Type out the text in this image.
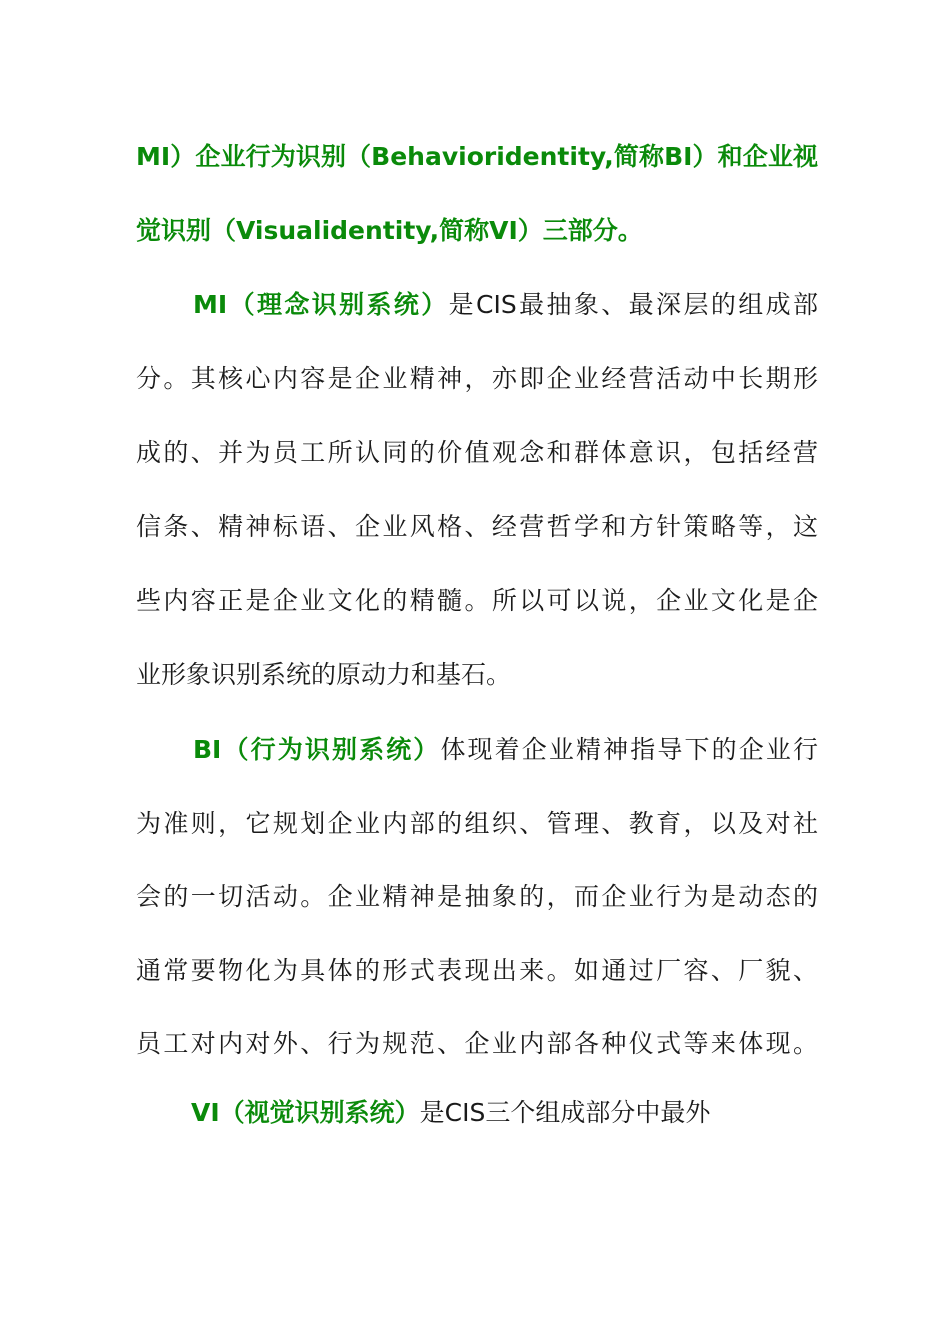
MI）企业行为识别（Behavioridentity,简称BI）和企业视
觉识别（Visualidentity,简称VI）三部分。
MI（理念识别系统）是CIS最抽象、最深层的组成部
分。其核心内容是企业精神，亦即企业经营活动中长期形
成的、并为员工所认同的价值观念和群体意识，包括经营
信条、精神标语、企业风格、经营哲学和方针策略等，这
些内容正是企业文化的精髓。所以可以说，企业文化是企
业形象识别系统的原动力和基石。
BI（行为识别系统）体现着企业精神指导下的企业行
为准则，它规划企业内部的组织、管理、教育，以及对社
会的一切活动。企业精神是抽象的，而企业行为是动态的
通常要物化为具体的形式表现出来。如通过厂容、厂貌、
员工对内对外、行为规范、企业内部各种仪式等来体现。
VI（视觉识别系统）是CIS三个组成部分中最外
